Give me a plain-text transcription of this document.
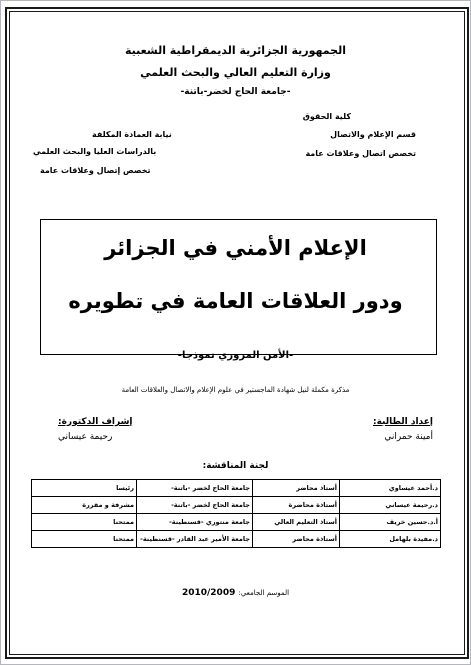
الجمهورية الجزائرية الديمقراطية الشعبية
وزارة التعليم العالي والبحث العلمي
-جامعة الحاج لخضر-باتنة-
كلية الحقوق
قسم الإعلام والاتصال
تخصص اتصال وعلاقات عامة
نيابة العمادة المكلفة
بالدراسات العليا والبحث العلمي
تخصص إتصال وعلاقات عامة
الإعلام الأمني في الجزائر
ودور العلاقات العامة في تطويره
-الأمن المروري نموذجا-
مذكرة مكملة لنيل شهادة الماجستير في علوم الإعلام والاتصال والعلاقات العامة
إعداد الطالبة:
أمينة حمراني
إشراف الدكتورة:
رحيمة عيساني
لجنة المناقشة:
د.أحمد عيساوي	أستاذ محاضر	جامعة الحاج لخضر -باتنة-	رئيسا
د.رحيمة عيساني	أستاذة محاضرة	جامعة الحاج لخضر -باتنة-	مشرفة و مقررة
أ.د.حسين خريف	أستاذ التعليم العالي	جامعة منتوري -قسنطينة-	ممتحنا
د.مفيدة بلهامل	أستاذة محاضر	جامعة الأمير عبد القادر -قسنطينة-	ممتحنا
الموسم الجامعي: 2010/2009
